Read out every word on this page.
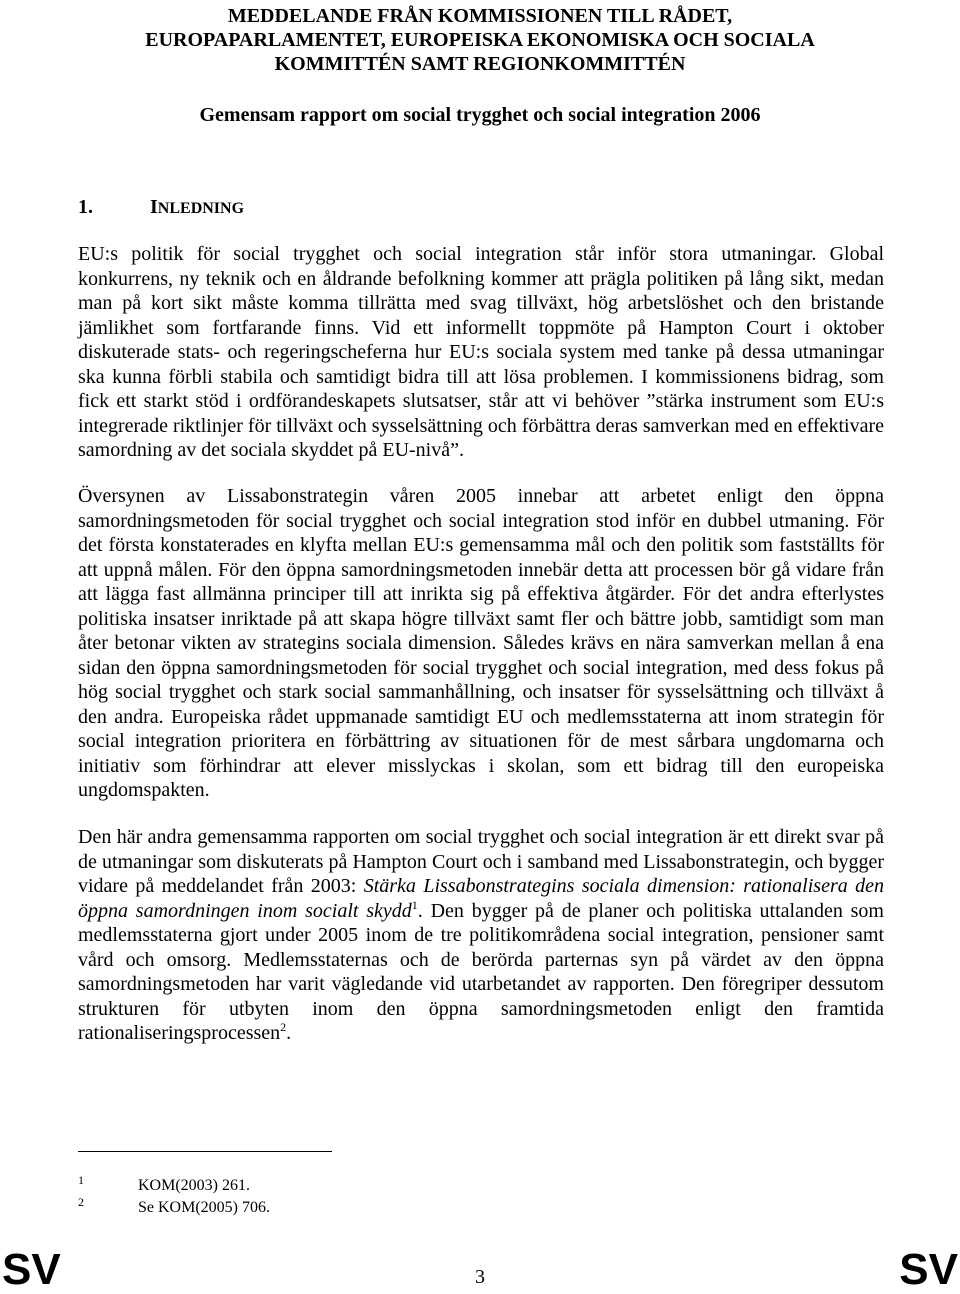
MEDDELANDE FRÅN KOMMISSIONEN TILL RÅDET,
EUROPAPARLAMENTET, EUROPEISKA EKONOMISKA OCH SOCIALA
KOMMITTÉN SAMT REGIONKOMMITTÉN
Gemensam rapport om social trygghet och social integration 2006
1.	INLEDNING

EU:s politik för social trygghet och social integration står inför stora utmaningar. Global konkurrens, ny teknik och en åldrande befolkning kommer att prägla politiken på lång sikt, medan man på kort sikt måste komma tillrätta med svag tillväxt, hög arbetslöshet och den bristande jämlikhet som fortfarande finns. Vid ett informellt toppmöte på Hampton Court i oktober diskuterade stats- och regeringscheferna hur EU:s sociala system med tanke på dessa utmaningar ska kunna förbli stabila och samtidigt bidra till att lösa problemen. I kommissionens bidrag, som fick ett starkt stöd i ordförandeskapets slutsatser, står att vi behöver ”stärka instrument som EU:s integrerade riktlinjer för tillväxt och sysselsättning och förbättra deras samverkan med en effektivare samordning av det sociala skyddet på EU-nivå”.

Översynen av Lissabonstrategin våren 2005 innebar att arbetet enligt den öppna samordningsmetoden för social trygghet och social integration stod inför en dubbel utmaning. För det första konstaterades en klyfta mellan EU:s gemensamma mål och den politik som fastställts för att uppnå målen. För den öppna samordningsmetoden innebär detta att processen bör gå vidare från att lägga fast allmänna principer till att inrikta sig på effektiva åtgärder. För det andra efterlystes politiska insatser inriktade på att skapa högre tillväxt samt fler och bättre jobb, samtidigt som man åter betonar vikten av strategins sociala dimension. Således krävs en nära samverkan mellan å ena sidan den öppna samordningsmetoden för social trygghet och social integration, med dess fokus på hög social trygghet och stark social sammanhållning, och insatser för sysselsättning och tillväxt å den andra. Europeiska rådet uppmanade samtidigt EU och medlemsstaterna att inom strategin för social integration prioritera en förbättring av situationen för de mest sårbara ungdomarna och initiativ som förhindrar att elever misslyckas i skolan, som ett bidrag till den europeiska ungdomspakten.

Den här andra gemensamma rapporten om social trygghet och social integration är ett direkt svar på de utmaningar som diskuterats på Hampton Court och i samband med Lissabonstrategin, och bygger vidare på meddelandet från 2003: Stärka Lissabonstrategins sociala dimension: rationalisera den öppna samordningen inom socialt skydd$^1$. Den bygger på de planer och politiska uttalanden som medlemsstaterna gjort under 2005 inom de tre politikområdena social integration, pensioner samt vård och omsorg. Medlemsstaternas och de berörda parternas syn på värdet av den öppna samordningsmetoden har varit vägledande vid utarbetandet av rapporten. Den föregriper dessutom strukturen för utbyten inom den öppna samordningsmetoden enligt den framtida rationaliseringsprocessen$^2$.

1	KOM(2003) 261.
2	Se KOM(2005) 706.
SV	3	SV
